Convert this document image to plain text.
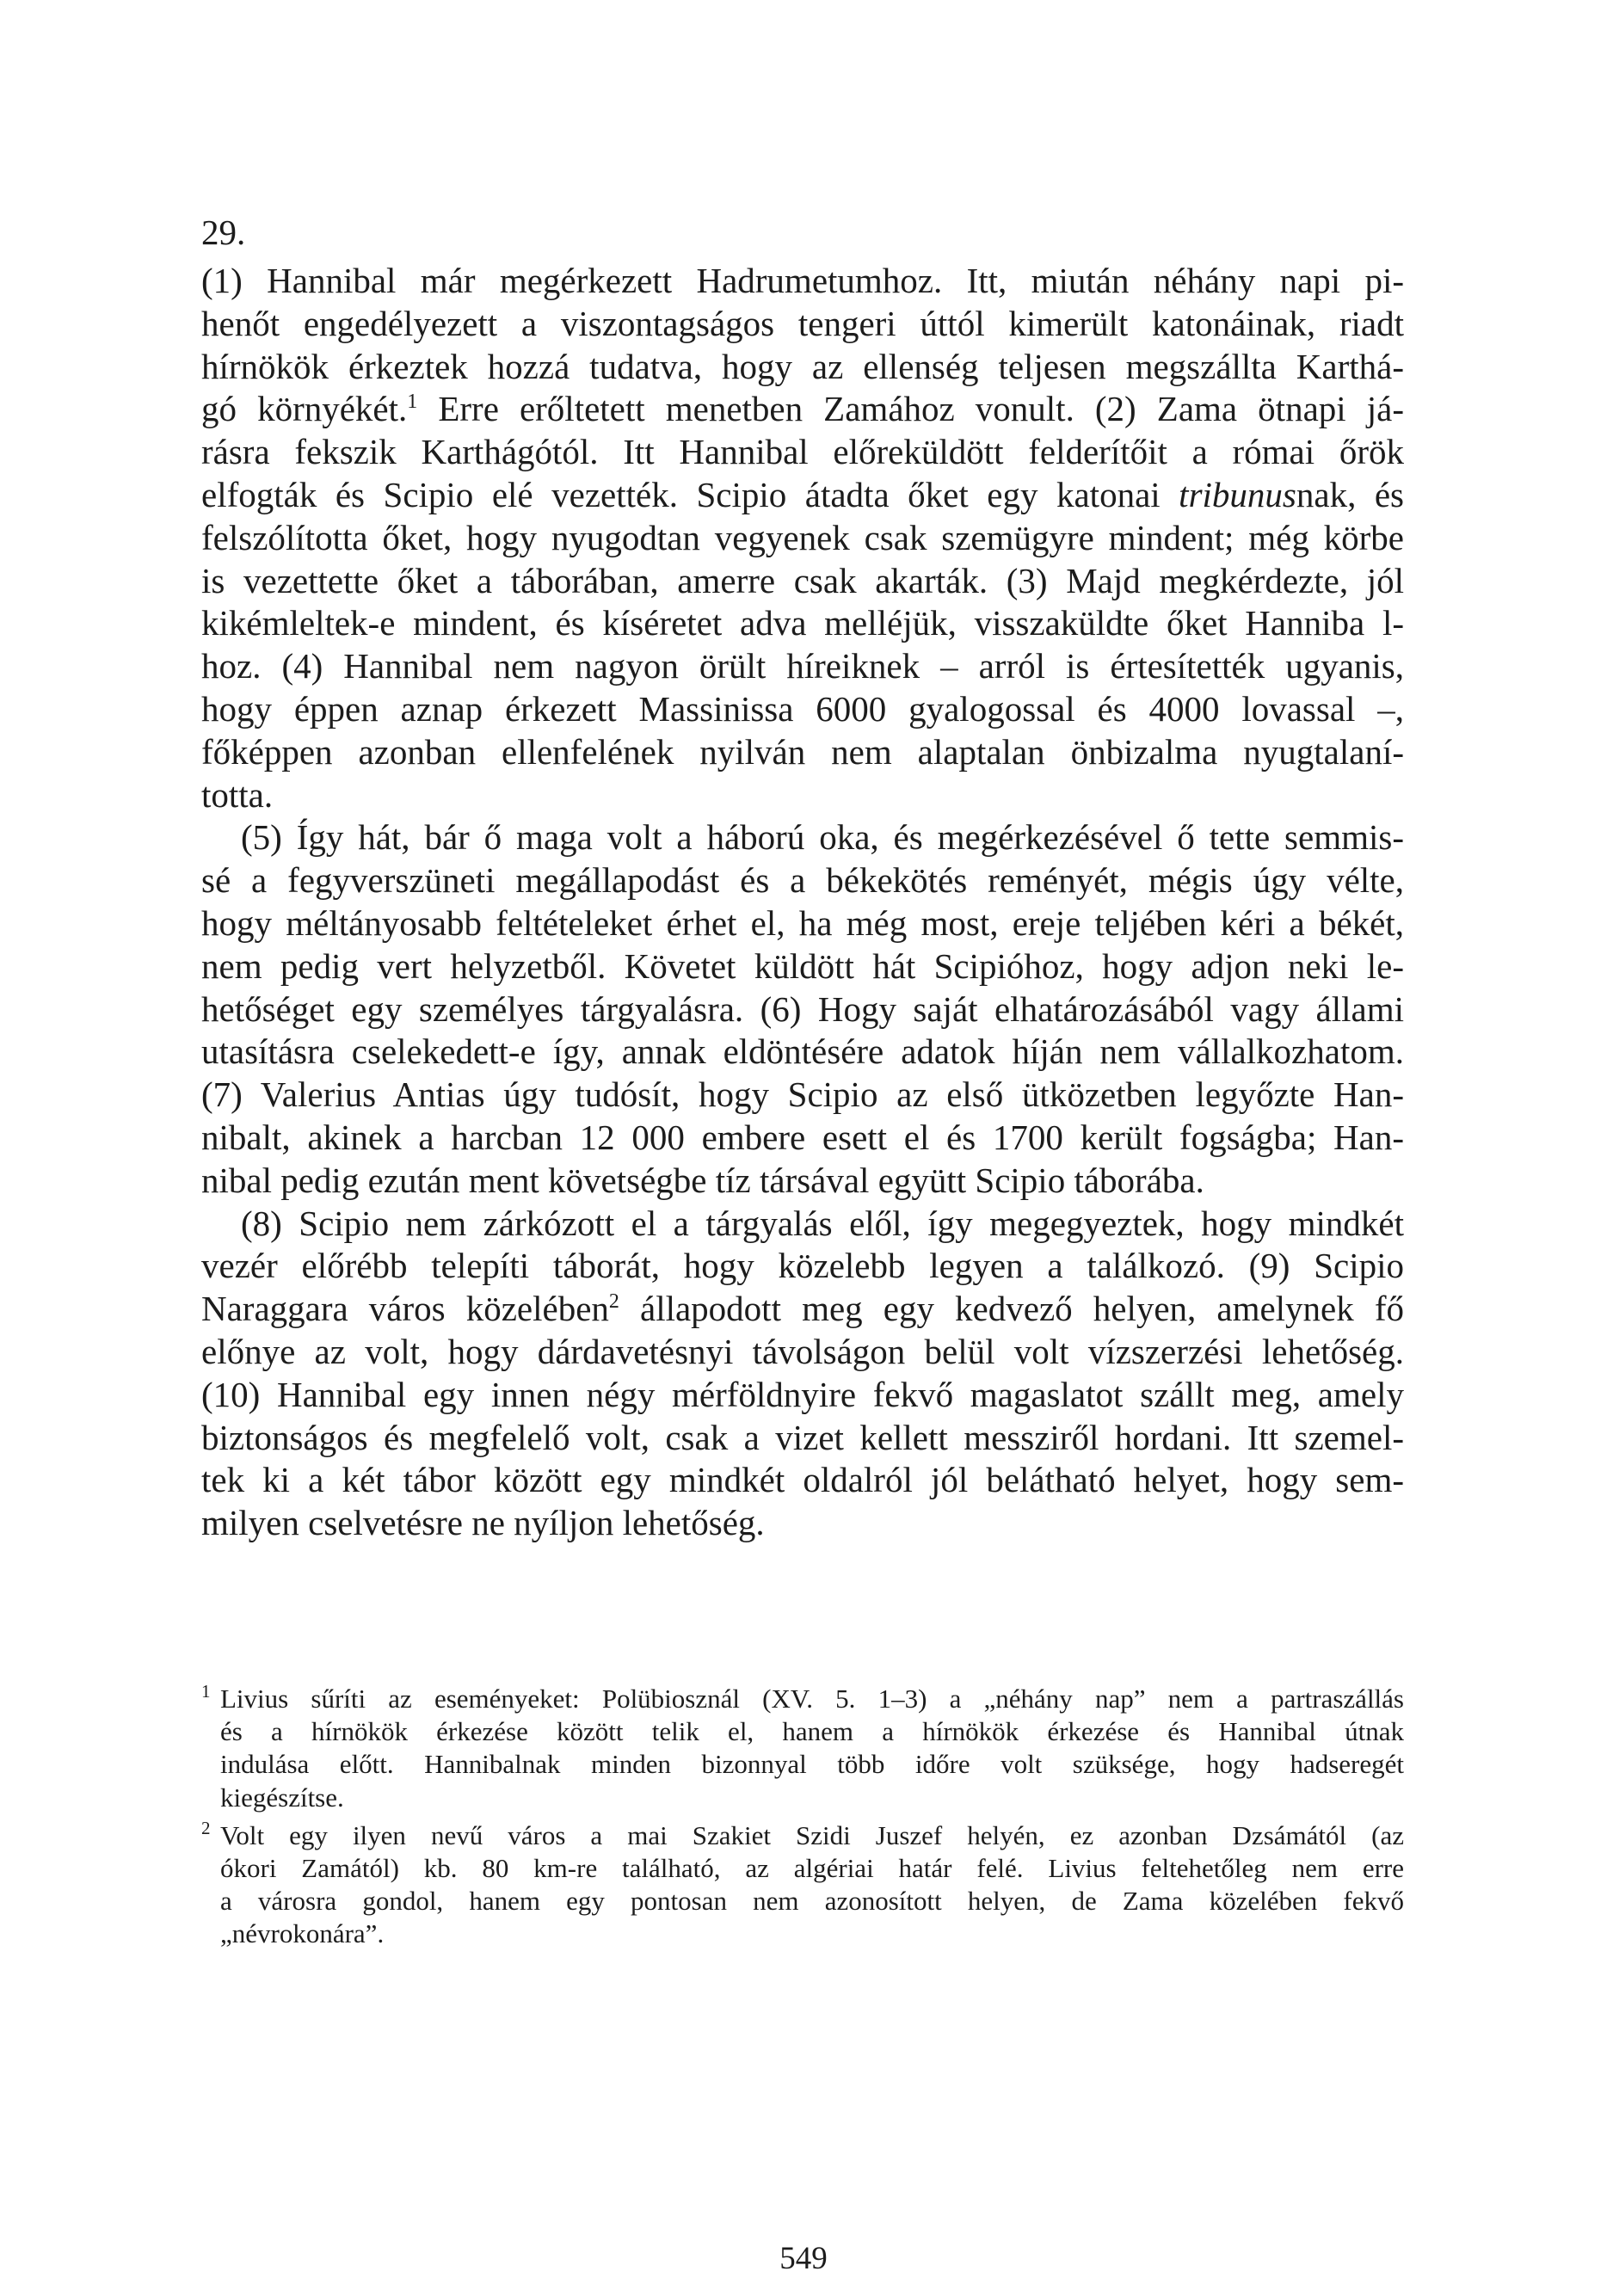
29.
(1) Hannibal már megérkezett Hadrumetumhoz. Itt, miután néhány napi pi-
henőt engedélyezett a viszontagságos tengeri úttól kimerült katonáinak, riadt
hírnökök érkeztek hozzá tudatva, hogy az ellenség teljesen megszállta Karthá-
gó környékét.$^1$ Erre erőltetett menetben Zamához vonult. (2) Zama ötnapi já-
rásra fekszik Karthágótól. Itt Hannibal előreküldött felderítőit a római őrök
elfogták és Scipio elé vezették. Scipio átadta őket egy katonai tribunusnak, és
felszólította őket, hogy nyugodtan vegyenek csak szemügyre mindent; még körbe
is vezettette őket a táborában, amerre csak akarták. (3) Majd megkérdezte, jól
kikémleltek-e mindent, és kíséretet adva melléjük, visszaküldte őket Hanniba l-
hoz. (4) Hannibal nem nagyon örült híreiknek – arról is értesítették ugyanis,
hogy éppen aznap érkezett Massinissa 6000 gyalogossal és 4000 lovassal –,
főképpen azonban ellenfelének nyilván nem alaptalan önbizalma nyugtalaní-
totta.
(5) Így hát, bár ő maga volt a háború oka, és megérkezésével ő tette semmis-
sé a fegyverszüneti megállapodást és a békekötés reményét, mégis úgy vélte,
hogy méltányosabb feltételeket érhet el, ha még most, ereje teljében kéri a békét,
nem pedig vert helyzetből. Követet küldött hát Scipióhoz, hogy adjon neki le-
hetőséget egy személyes tárgyalásra. (6) Hogy saját elhatározásából vagy állami
utasításra cselekedett-e így, annak eldöntésére adatok híján nem vállalkozhatom.
(7) Valerius Antias úgy tudósít, hogy Scipio az első ütközetben legyőzte Han-
nibalt, akinek a harcban 12 000 embere esett el és 1700 került fogságba; Han-
nibal pedig ezután ment követségbe tíz társával együtt Scipio táborába.
(8) Scipio nem zárkózott el a tárgyalás elől, így megegyeztek, hogy mindkét
vezér előrébb telepíti táborát, hogy közelebb legyen a találkozó. (9) Scipio
Naraggara város közelében$^2$ állapodott meg egy kedvező helyen, amelynek fő
előnye az volt, hogy dárdavetésnyi távolságon belül volt vízszerzési lehetőség.
(10) Hannibal egy innen négy mérföldnyire fekvő magaslatot szállt meg, amely
biztonságos és megfelelő volt, csak a vizet kellett messziről hordani. Itt szemel-
tek ki a két tábor között egy mindkét oldalról jól belátható helyet, hogy sem-
milyen cselvetésre ne nyíljon lehetőség.
1 Livius sűríti az eseményeket: Polübiosznál (XV. 5. 1–3) a „néhány nap” nem a partraszállás
és a hírnökök érkezése között telik el, hanem a hírnökök érkezése és Hannibal útnak
indulása előtt. Hannibalnak minden bizonnyal több időre volt szüksége, hogy hadseregét
kiegészítse.
2 Volt egy ilyen nevű város a mai Szakiet Szidi Juszef helyén, ez azonban Dzsámától (az
ókori Zamától) kb. 80 km-re található, az algériai határ felé. Livius feltehetőleg nem erre
a városra gondol, hanem egy pontosan nem azonosított helyen, de Zama közelében fekvő
„névrokonára”.
549
